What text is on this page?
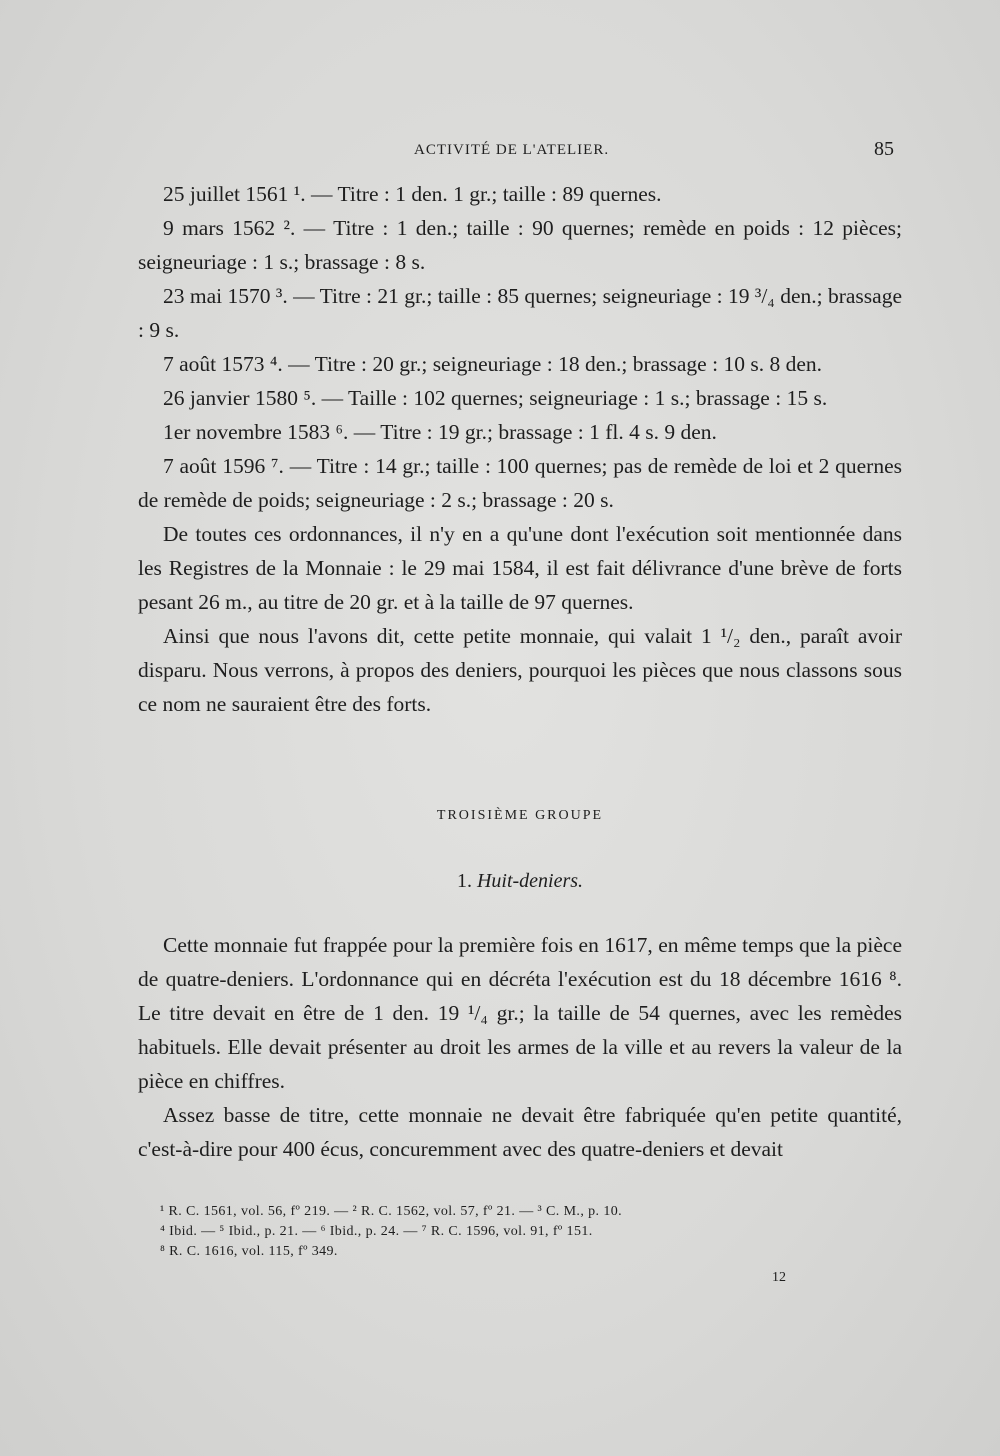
ACTIVITÉ DE L'ATELIER.	85

25 juillet 1561 ¹. — Titre : 1 den. 1 gr.; taille : 89 quernes.

9 mars 1562 ². — Titre : 1 den.; taille : 90 quernes; remède en poids : 12 pièces; seigneuriage : 1 s.; brassage : 8 s.

23 mai 1570 ³. — Titre : 21 gr.; taille : 85 quernes; seigneuriage : 19 ³/₄ den.; brassage : 9 s.

7 août 1573 ⁴. — Titre : 20 gr.; seigneuriage : 18 den.; brassage : 10 s. 8 den.

26 janvier 1580 ⁵. — Taille : 102 quernes; seigneuriage : 1 s.; brassage : 15 s.

1er novembre 1583 ⁶. — Titre : 19 gr.; brassage : 1 fl. 4 s. 9 den.

7 août 1596 ⁷. — Titre : 14 gr.; taille : 100 quernes; pas de remède de loi et 2 quernes de remède de poids; seigneuriage : 2 s.; brassage : 20 s.

De toutes ces ordonnances, il n'y en a qu'une dont l'exécution soit mentionnée dans les Registres de la Monnaie : le 29 mai 1584, il est fait délivrance d'une brève de forts pesant 26 m., au titre de 20 gr. et à la taille de 97 quernes.

Ainsi que nous l'avons dit, cette petite monnaie, qui valait 1 ¹/₂ den., paraît avoir disparu. Nous verrons, à propos des deniers, pourquoi les pièces que nous classons sous ce nom ne sauraient être des forts.

TROISIÈME GROUPE
1. Huit-deniers.

Cette monnaie fut frappée pour la première fois en 1617, en même temps que la pièce de quatre-deniers. L'ordonnance qui en décréta l'exécution est du 18 décembre 1616 ⁸. Le titre devait en être de 1 den. 19 ¹/₄ gr.; la taille de 54 quernes, avec les remèdes habituels. Elle devait présenter au droit les armes de la ville et au revers la valeur de la pièce en chiffres.

Assez basse de titre, cette monnaie ne devait être fabriquée qu'en petite quantité, c'est-à-dire pour 400 écus, concuremment avec des quatre-deniers et devait

¹ R. C. 1561, vol. 56, fº 219. — ² R. C. 1562, vol. 57, fº 21. — ³ C. M., p. 10.
⁴ Ibid. — ⁵ Ibid., p. 21. — ⁶ Ibid., p. 24. — ⁷ R. C. 1596, vol. 91, fº 151.
⁸ R. C. 1616, vol. 115, fº 349.
12
